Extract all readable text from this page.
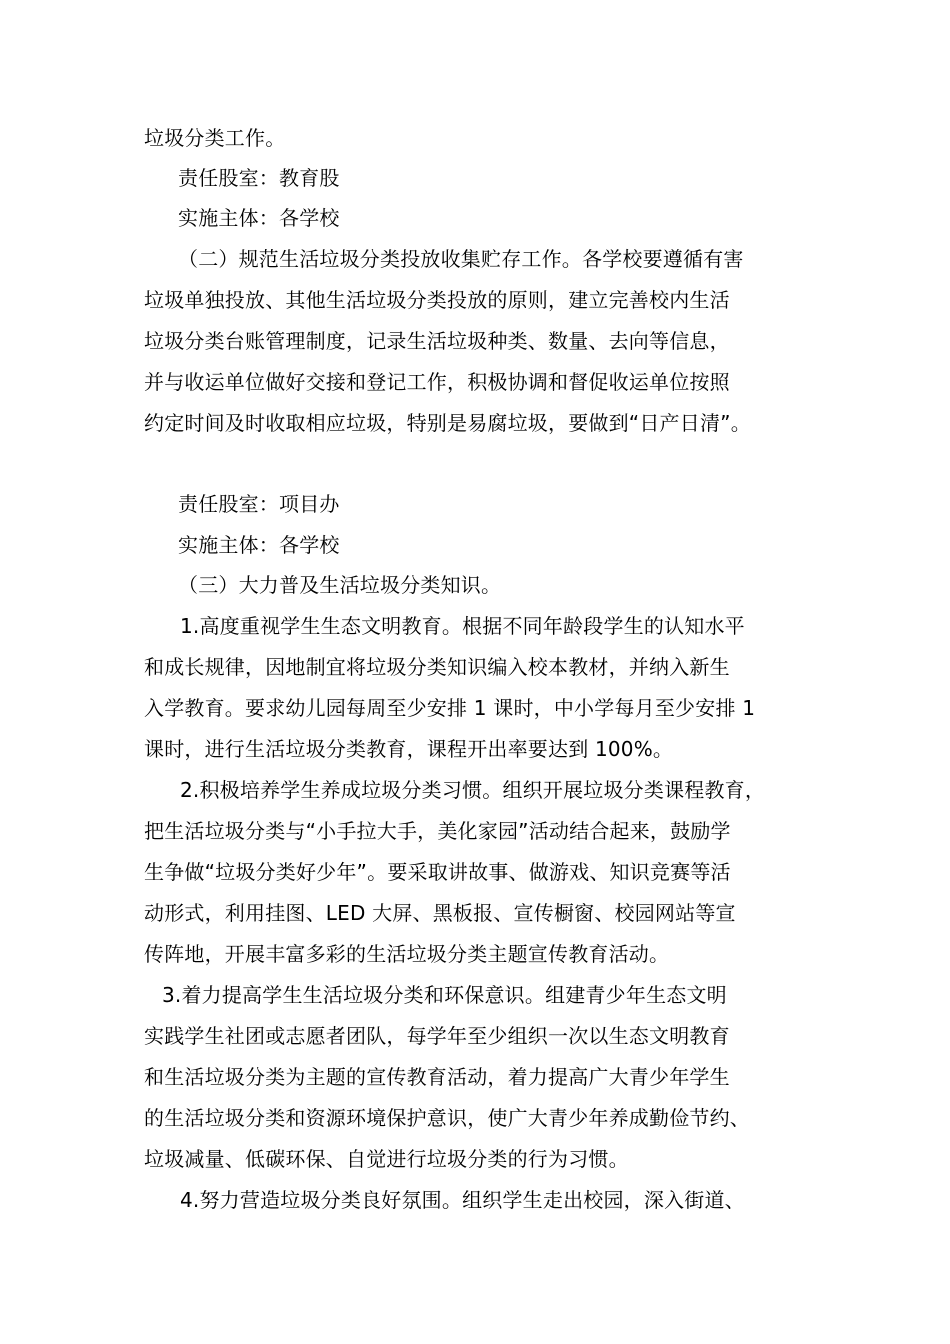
垃圾分类工作。
责任股室：教育股
实施主体：各学校
（二）规范生活垃圾分类投放收集贮存工作。各学校要遵循有害
垃圾单独投放、其他生活垃圾分类投放的原则，建立完善校内生活
垃圾分类台账管理制度，记录生活垃圾种类、数量、去向等信息，
并与收运单位做好交接和登记工作，积极协调和督促收运单位按照
约定时间及时收取相应垃圾，特别是易腐垃圾，要做到“日产日清”。
责任股室：项目办
实施主体：各学校
（三）大力普及生活垃圾分类知识。
1.高度重视学生生态文明教育。根据不同年龄段学生的认知水平
和成长规律，因地制宜将垃圾分类知识编入校本教材，并纳入新生
入学教育。要求幼儿园每周至少安排 1 课时，中小学每月至少安排 1
课时，进行生活垃圾分类教育，课程开出率要达到 100%。
2.积极培养学生养成垃圾分类习惯。组织开展垃圾分类课程教育，
把生活垃圾分类与“小手拉大手，美化家园”活动结合起来，鼓励学
生争做“垃圾分类好少年”。要采取讲故事、做游戏、知识竞赛等活
动形式，利用挂图、LED 大屏、黑板报、宣传橱窗、校园网站等宣
传阵地，开展丰富多彩的生活垃圾分类主题宣传教育活动。
3.着力提高学生生活垃圾分类和环保意识。组建青少年生态文明
实践学生社团或志愿者团队，每学年至少组织一次以生态文明教育
和生活垃圾分类为主题的宣传教育活动，着力提高广大青少年学生
的生活垃圾分类和资源环境保护意识，使广大青少年养成勤俭节约、
垃圾减量、低碳环保、自觉进行垃圾分类的行为习惯。
4.努力营造垃圾分类良好氛围。组织学生走出校园，深入街道、
